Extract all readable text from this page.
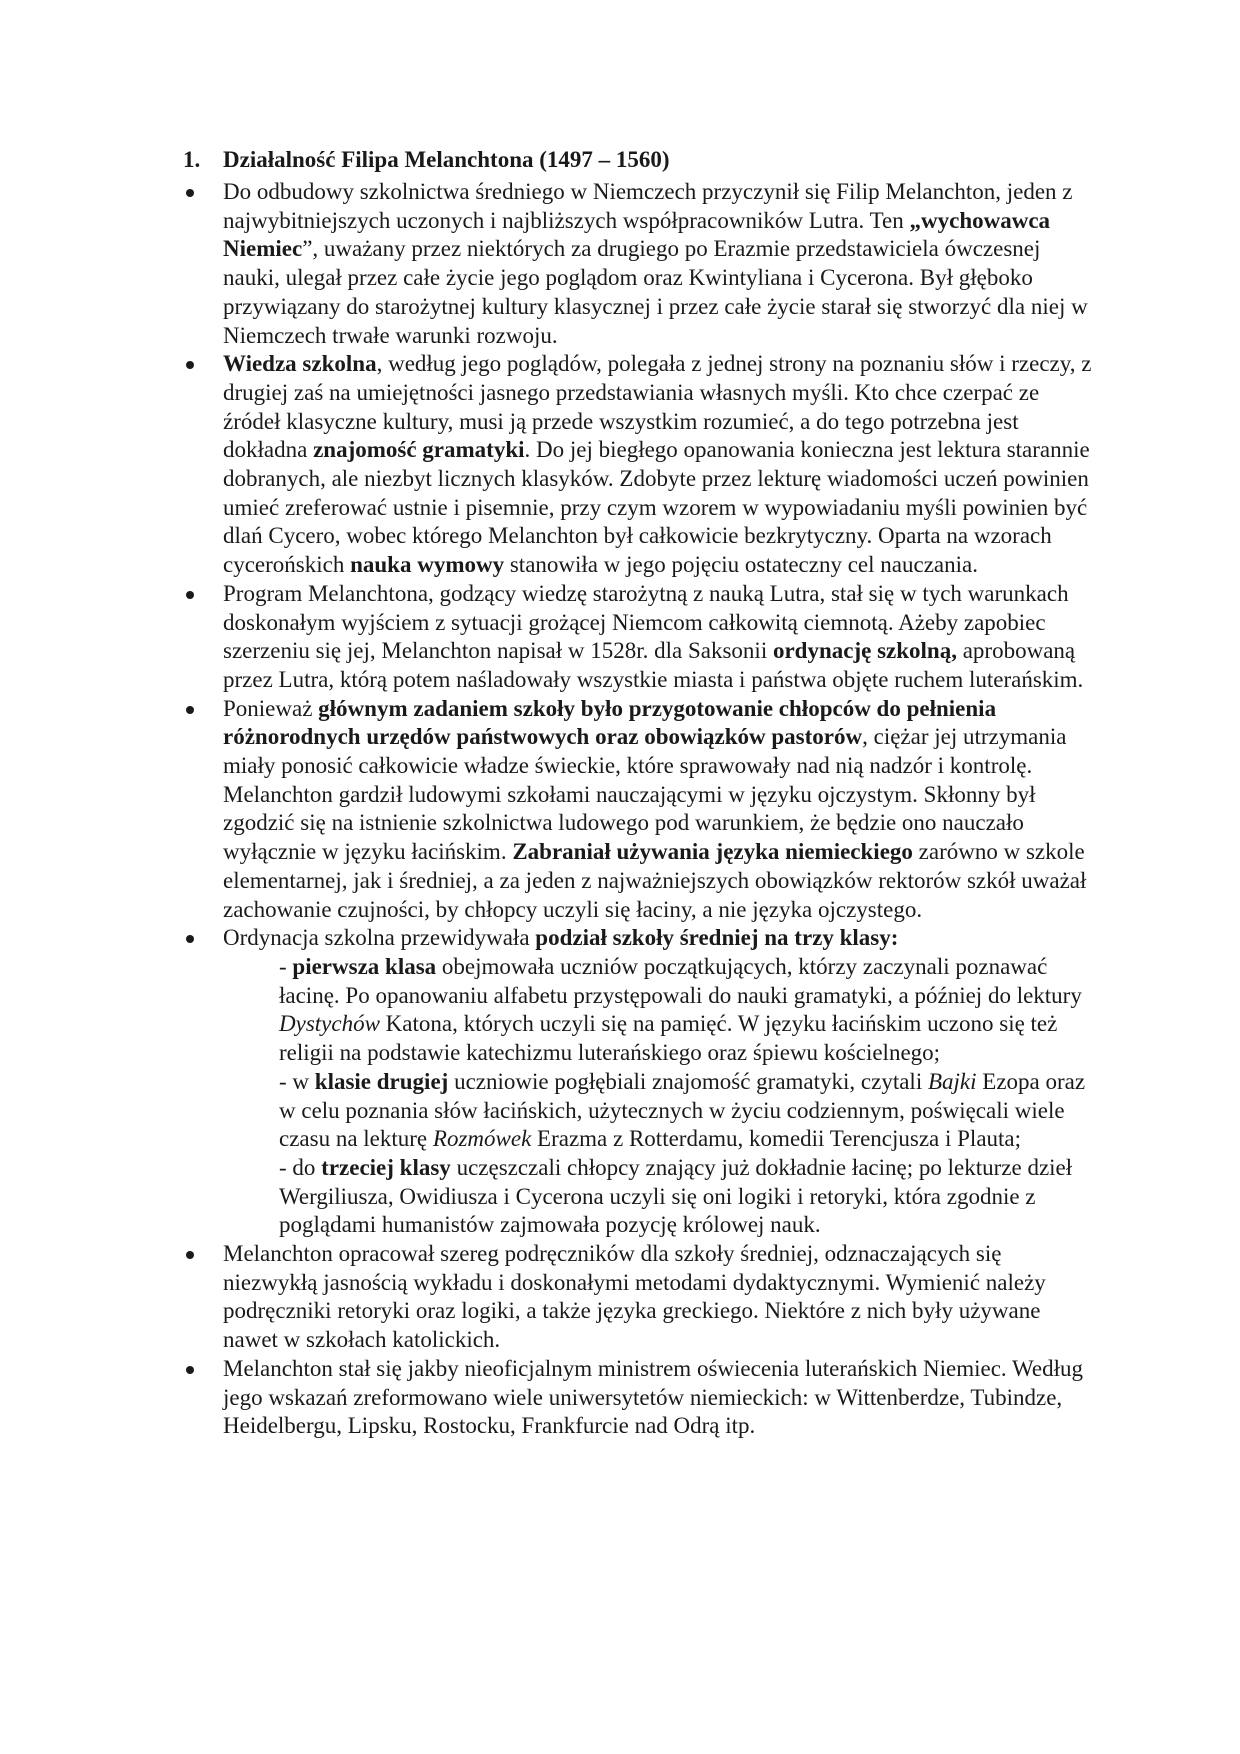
1. Działalność Filipa Melanchtona (1497 – 1560)
Do odbudowy szkolnictwa średniego w Niemczech przyczynił się Filip Melanchton, jeden z najwybitniejszych uczonych i najbliższych współpracowników Lutra. Ten „wychowawca Niemiec”, uważany przez niektórych za drugiego po Erazmie przedstawiciela ówczesnej nauki, ulegał przez całe życie jego poglądom oraz Kwintyliana i Cycerona. Był głęboko przywiązany do starożytnej kultury klasycznej i przez całe życie starał się stworzyć dla niej w Niemczech trwałe warunki rozwoju.
Wiedza szkolna, według jego poglądów, polegała z jednej strony na poznaniu słów i rzeczy, z drugiej zaś na umiejętności jasnego przedstawiania własnych myśli. Kto chce czerpać ze źródeł klasyczne kultury, musi ją przede wszystkim rozumieć, a do tego potrzebna jest dokładna znajomość gramatyki. Do jej biegłego opanowania konieczna jest lektura starannie dobranych, ale niezbyt licznych klasyków. Zdobyte przez lekturę wiadomości uczeń powinien umieć zreferować ustnie i pisemnie, przy czym wzorem w wypowiadaniu myśli powinien być dlań Cycero, wobec którego Melanchton był całkowicie bezkrytyczny. Oparta na wzorach cycerońskich nauka wymowy stanowiła w jego pojęciu ostateczny cel nauczania.
Program Melanchtona, godzący wiedzę starożytną z nauką Lutra, stał się w tych warunkach doskonałym wyjściem z sytuacji grożącej Niemcom całkowitą ciemnotą. Ażeby zapobiec szerzeniu się jej, Melanchton napisał w 1528r. dla Saksonii ordynację szkolną, aprobowaną przez Lutra, którą potem naśladowały wszystkie miasta i państwa objęte ruchem luterańskim.
Ponieważ głównym zadaniem szkoły było przygotowanie chłopców do pełnienia różnorodnych urzędów państwowych oraz obowiązków pastorów, ciężar jej utrzymania miały ponosić całkowicie władze świeckie, które sprawowały nad nią nadzór i kontrolę. Melanchton gardził ludowymi szkołami nauczającymi w języku ojczystym. Skłonny był zgodzić się na istnienie szkolnictwa ludowego pod warunkiem, że będzie ono nauczało wyłącznie w języku łacińskim. Zabraniał używania języka niemieckiego zarówno w szkole elementarnej, jak i średniej, a za jeden z najważniejszych obowiązków rektorów szkół uważał zachowanie czujności, by chłopcy uczyli się łaciny, a nie języka ojczystego.
Ordynacja szkolna przewidywała podział szkoły średniej na trzy klasy:
- pierwsza klasa obejmowała uczniów początkujących, którzy zaczynali poznawać łacinę. Po opanowaniu alfabetu przystępowali do nauki gramatyki, a później do lektury Dystychów Katona, których uczyli się na pamięć. W języku łacińskim uczono się też religii na podstawie katechizmu luterańskiego oraz śpiewu kościelnego;
- w klasie drugiej uczniowie pogłębiali znajomość gramatyki, czytali Bajki Ezopa oraz w celu poznania słów łacińskich, użytecznych w życiu codziennym, poświęcali wiele czasu na lekturę Rozmówek Erazma z Rotterdamu, komedii Terencjusza i Plauta;
- do trzeciej klasy uczęszczali chłopcy znający już dokładnie łacinę; po lekturze dzieł Wergiliusza, Owidiusza i Cycerona uczyli się oni logiki i retoryki, która zgodnie z poglądami humanistów zajmowała pozycję królowej nauk.
Melanchton opracował szereg podręczników dla szkoły średniej, odznaczających się niezwykłą jasnością wykładu i doskonałymi metodami dydaktycznymi. Wymienić należy podręczniki retoryki oraz logiki, a także języka greckiego. Niektóre z nich były używane nawet w szkołach katolickich.
Melanchton stał się jakby nieoficjalnym ministrem oświecenia luterańskich Niemiec. Według jego wskazań zreformowano wiele uniwersytetów niemieckich: w Wittenberdze, Tubindze, Heidelbergu, Lipsku, Rostocku, Frankfurcie nad Odrą itp.
